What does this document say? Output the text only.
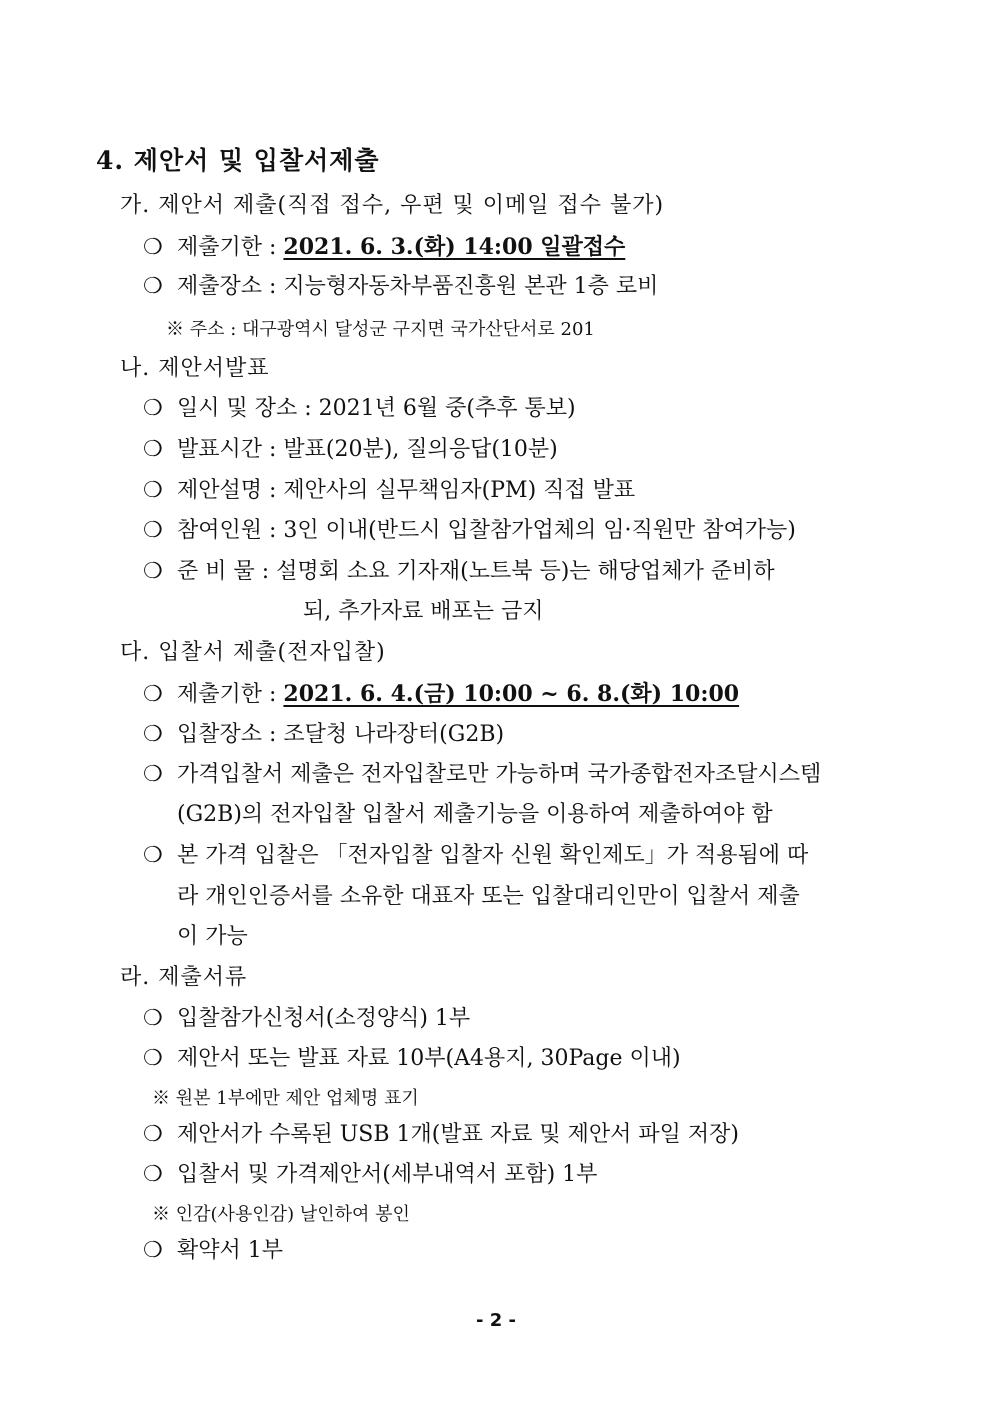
4. 제안서 및 입찰서제출
가. 제안서 제출(직접 접수, 우편 및 이메일 접수 불가)
❍ 제출기한 : 2021. 6. 3.(화) 14:00 일괄접수
❍ 제출장소 : 지능형자동차부품진흥원 본관 1층 로비
※ 주소 : 대구광역시 달성군 구지면 국가산단서로 201
나. 제안서발표
❍ 일시 및 장소 : 2021년 6월 중(추후 통보)
❍ 발표시간 : 발표(20분), 질의응답(10분)
❍ 제안설명 : 제안사의 실무책임자(PM) 직접 발표
❍ 참여인원 : 3인 이내(반드시 입찰참가업체의 임·직원만 참여가능)
❍ 준 비 물 : 설명회 소요 기자재(노트북 등)는 해당업체가 준비하
되, 추가자료 배포는 금지
다. 입찰서 제출(전자입찰)
❍ 제출기한 : 2021. 6. 4.(금) 10:00 ~ 6. 8.(화) 10:00
❍ 입찰장소 : 조달청 나라장터(G2B)
❍ 가격입찰서 제출은 전자입찰로만 가능하며 국가종합전자조달시스템
(G2B)의 전자입찰 입찰서 제출기능을 이용하여 제출하여야 함
❍ 본 가격 입찰은 「전자입찰 입찰자 신원 확인제도」가 적용됨에 따
라 개인인증서를 소유한 대표자 또는 입찰대리인만이 입찰서 제출
이 가능
라. 제출서류
❍ 입찰참가신청서(소정양식) 1부
❍ 제안서 또는 발표 자료 10부(A4용지, 30Page 이내)
※ 원본 1부에만 제안 업체명 표기
❍ 제안서가 수록된 USB 1개(발표 자료 및 제안서 파일 저장)
❍ 입찰서 및 가격제안서(세부내역서 포함) 1부
※ 인감(사용인감) 날인하여 봉인
❍ 확약서 1부
- 2 -
